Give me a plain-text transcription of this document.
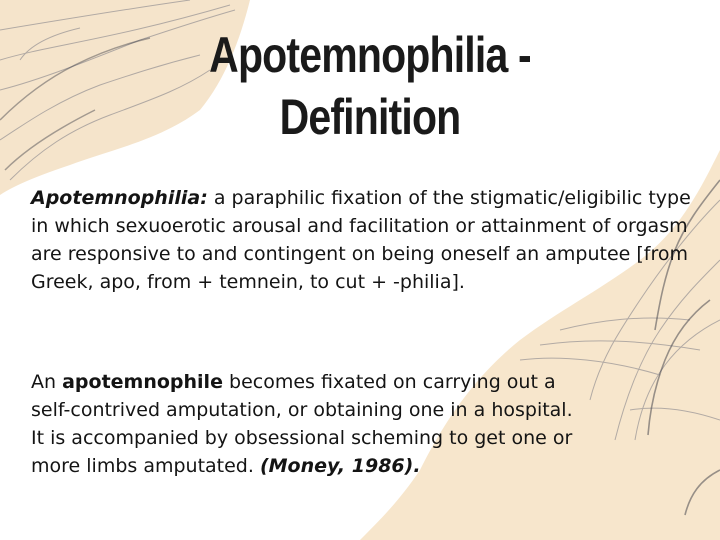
Apotemnophilia - Definition
Apotemnophilia: a paraphilic fixation of the stigmatic/eligibilic type in which sexuoerotic arousal and facilitation or attainment of orgasm are responsive to and contingent on being oneself an amputee [from Greek, apo, from + temnein, to cut + -philia].
An apotemnophile becomes fixated on carrying out a self-contrived amputation, or obtaining one in a hospital. It is accompanied by obsessional scheming to get one or more limbs amputated. (Money, 1986).
